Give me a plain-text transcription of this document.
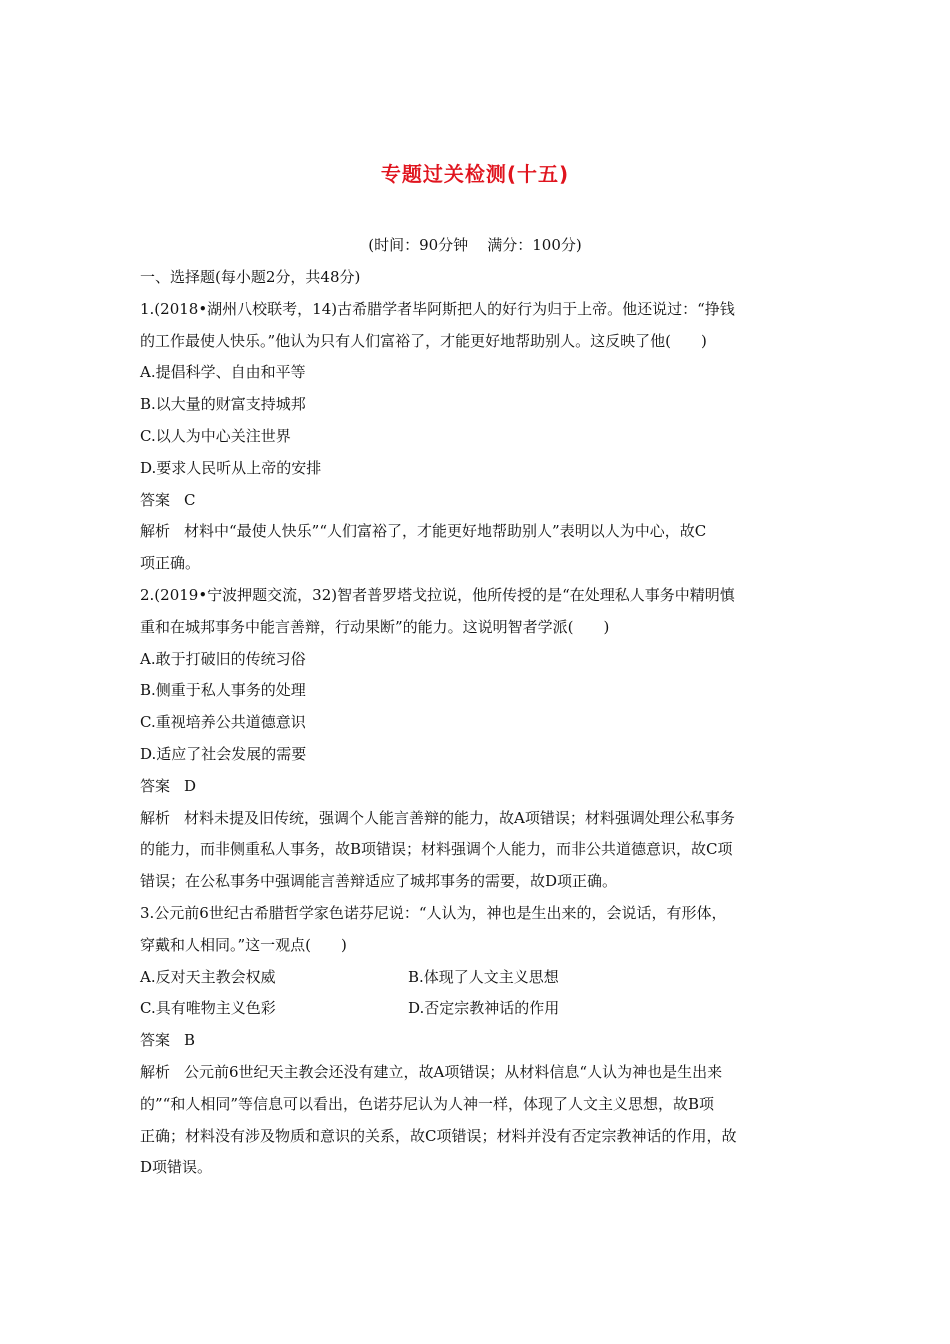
专题过关检测(十五)
(时间：90分钟 满分：100分)
一、选择题(每小题2分，共48分)
1.(2018•湖州八校联考，14)古希腊学者毕阿斯把人的好行为归于上帝。他还说过：“挣钱
的工作最使人快乐。”他认为只有人们富裕了，才能更好地帮助别人。这反映了他(　　)
A.提倡科学、自由和平等
B.以大量的财富支持城邦
C.以人为中心关注世界
D.要求人民听从上帝的安排
答案 C
解析 材料中“最使人快乐”“人们富裕了，才能更好地帮助别人”表明以人为中心，故C
项正确。
2.(2019•宁波押题交流，32)智者普罗塔戈拉说，他所传授的是“在处理私人事务中精明慎
重和在城邦事务中能言善辩，行动果断”的能力。这说明智者学派(　　)
A.敢于打破旧的传统习俗
B.侧重于私人事务的处理
C.重视培养公共道德意识
D.适应了社会发展的需要
答案 D
解析 材料未提及旧传统，强调个人能言善辩的能力，故A项错误；材料强调处理公私事务
的能力，而非侧重私人事务，故B项错误；材料强调个人能力，而非公共道德意识，故C项
错误；在公私事务中强调能言善辩适应了城邦事务的需要，故D项正确。
3.公元前6世纪古希腊哲学家色诺芬尼说：“人认为，神也是生出来的，会说话，有形体，
穿戴和人相同。”这一观点(　　)
A.反对天主教会权威	B.体现了人文主义思想
C.具有唯物主义色彩	D.否定宗教神话的作用
答案 B
解析 公元前6世纪天主教会还没有建立，故A项错误；从材料信息“人认为神也是生出来
的”“和人相同”等信息可以看出，色诺芬尼认为人神一样，体现了人文主义思想，故B项
正确；材料没有涉及物质和意识的关系，故C项错误；材料并没有否定宗教神话的作用，故
D项错误。
